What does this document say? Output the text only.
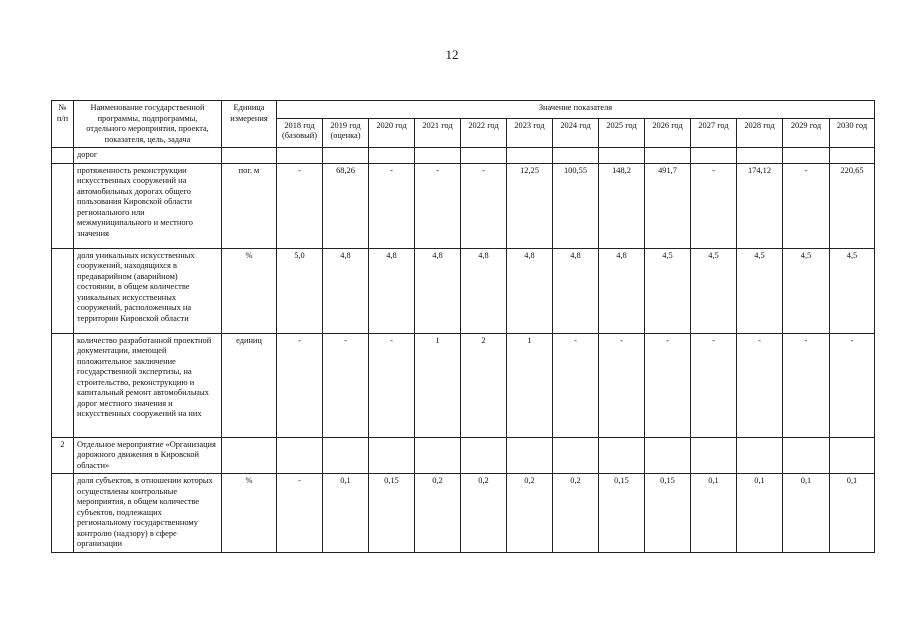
12
№
п/п	Наименование государственной программы, подпрограммы, отдельного мероприятия, проекта, показателя, цель, задача	Единица измерения	Значение показателя												
			2018 год (базовый)	2019 год (оценка)	2020 год	2021 год	2022 год	2023 год	2024 год	2025 год	2026 год	2027 год	2028 год	2029 год	2030 год
	дорог														
	протяженность реконструкции искусственных сооружений на автомобильных дорогах общего пользования Кировской области регионального или межмуниципального и местного значения	пог. м	-	68,26	-	-	-	12,25	100,55	148,2	491,7	-	174,12	-	220,65
	доля уникальных искусственных сооружений, находящихся в предаварийном (аварийном) состоянии, в общем количестве уникальных искусственных сооружений, расположенных на территории Кировской области	%	5,0	4,8	4,8	4,8	4,8	4,8	4,8	4,8	4,5	4,5	4,5	4,5	4,5
	количество разработанной проектной документации, имеющей положительное заключение государственной экспертизы, на строительство, реконструкцию и капитальный ремонт автомобильных дорог местного значения и искусственных сооружений на них	единиц	-	-	-	1	2	1	-	-	-	-	-	-	-
2	Отдельное мероприятие «Организация дорожного движения в Кировской области»														
	доля субъектов, в отношении которых осуществлены контрольные мероприятия, в общем количестве субъектов, подлежащих региональному государственному контролю (надзору) в сфере организации	%	-	0,1	0,15	0,2	0,2	0,2	0,2	0,15	0,15	0,1	0,1	0,1	0,1
